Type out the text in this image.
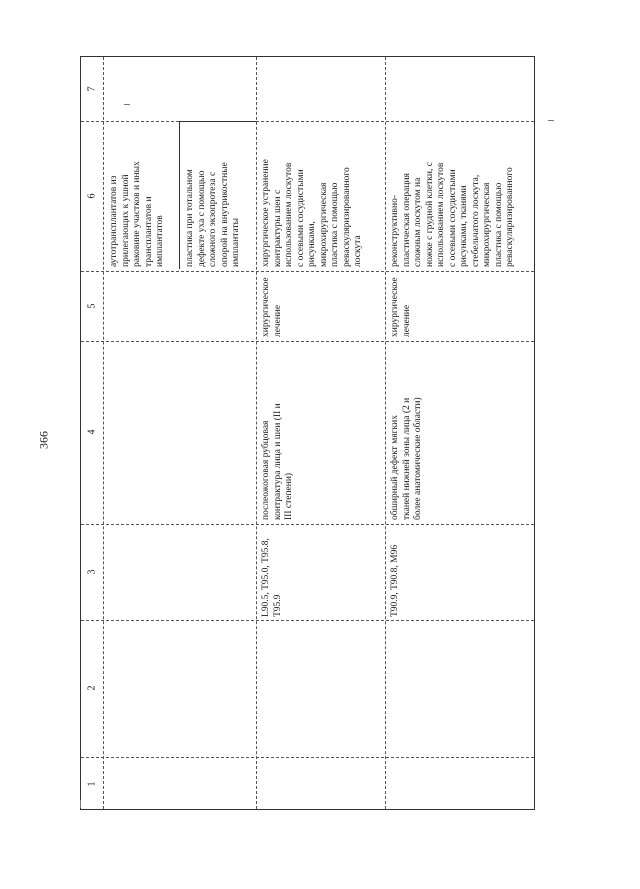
366
7
6
5
4
3
2
1
аутотрансплантатов из прилегающих к ушной раковине участков и иных трансплантатов и имплантатов пластика при тотальном дефекте уха с помощью сложного экзопротеза с опорой на внутрикостные имплантаты
L90.5, T95.0, T95.8, T95.9
послеожоговая рубцовая контрактура лица и шеи (II и III степени)
хирургическое лечение
хирургическое устранение контрактуры шеи с использованием лоскутов с осевыми сосудистыми рисунками, микрохирургическая пластика с помощью реваскуляризированного лоскута
T90.9, T90.8, M96
обширный дефект мягких тканей нижней зоны лица (2 и более анатомические области)
хирургическое лечение
реконструктивно- пластическая операция сложным лоскутом на ножке с грудной клетки, с использованием лоскутов с осевыми сосудистыми рисунками, тканями стебельчатого лоскута, микрохирургическая пластика с помощью реваскуляризированного
